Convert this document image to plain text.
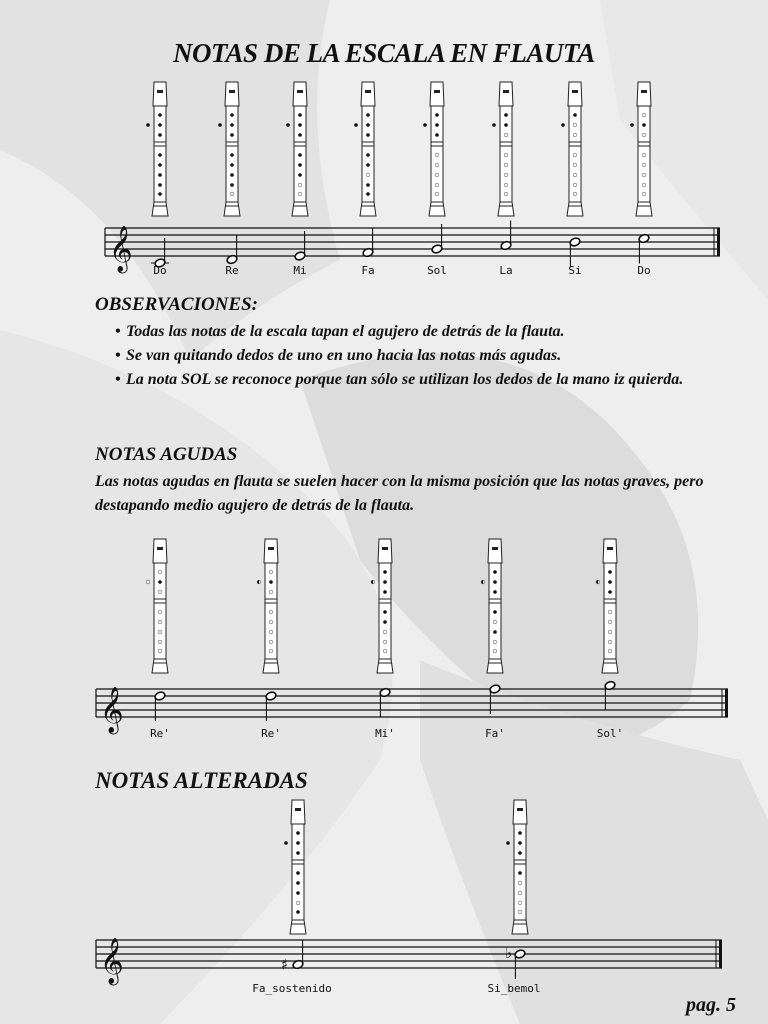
NOTAS DE LA ESCALA EN FLAUTA
𝄞 Do	Re	Mi	Fa	Sol	La	Si	Do
OBSERVACIONES:
• Todas las notas de la escala tapan el agujero de detrás de la flauta.
• Se van quitando dedos de uno en uno hacia las notas más agudas.
• La nota SOL se reconoce porque tan sólo se utilizan los dedos de la mano iz quierda.
NOTAS AGUDAS
Las notas agudas en flauta se suelen hacer con la misma posición que las notas graves, pero destapando medio agujero de detrás de la flauta.
𝄞
Re'	Re'	Mi'	Fa'	Sol'
NOTAS ALTERADAS
𝄞	♯
♭
Fa_sostenido	Si_bemol
pag. 5
